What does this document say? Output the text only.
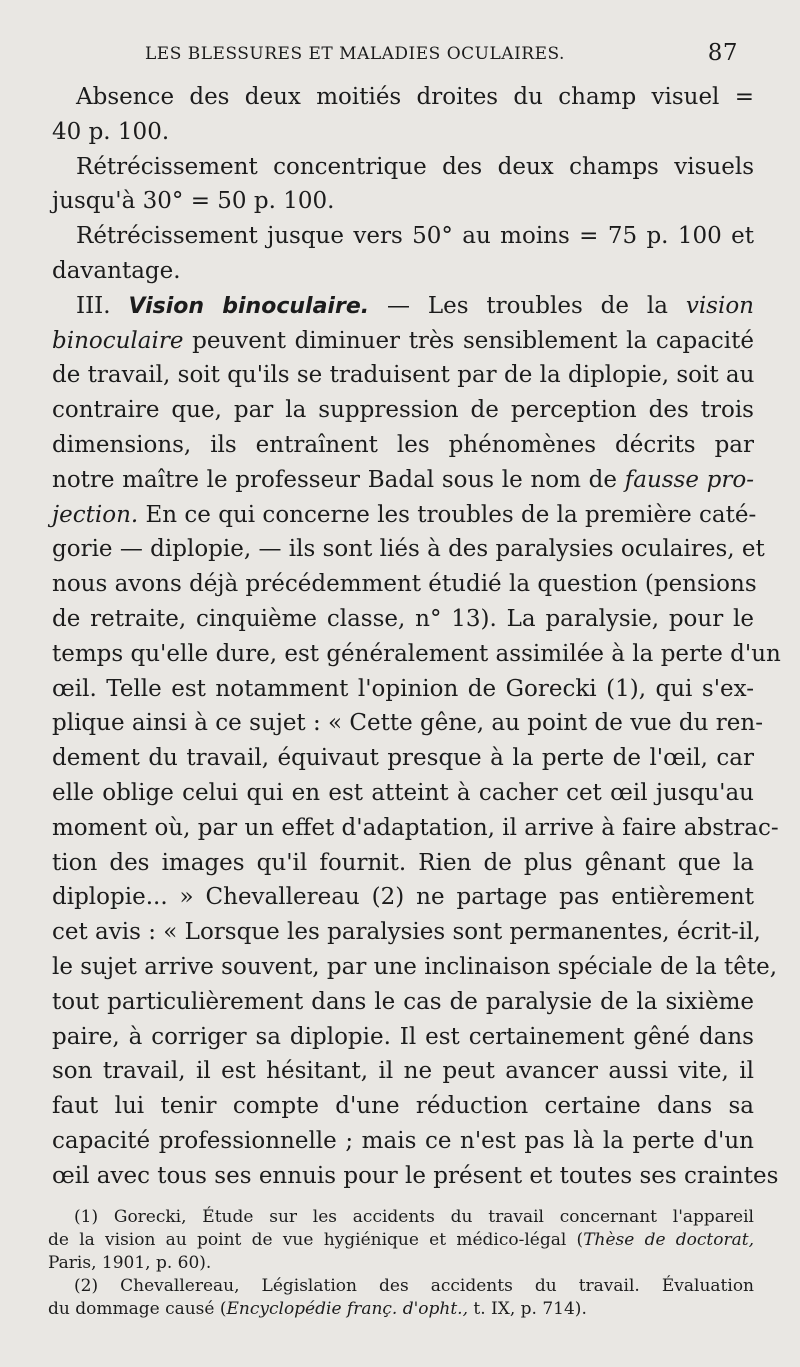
LES BLESSURES ET MALADIES OCULAIRES.	87
Absence des deux moitiés droites du champ visuel =
40 p. 100.
Rétrécissement concentrique des deux champs visuels
jusqu'à 30° = 50 p. 100.
Rétrécissement jusque vers 50° au moins = 75 p. 100 et
davantage.
III. Vision binoculaire. — Les troubles de la vision
binoculaire peuvent diminuer très sensiblement la capacité
de travail, soit qu'ils se traduisent par de la diplopie, soit au
contraire que, par la suppression de perception des trois
dimensions, ils entraînent les phénomènes décrits par
notre maître le professeur Badal sous le nom de fausse pro-
jection. En ce qui concerne les troubles de la première caté-
gorie — diplopie, — ils sont liés à des paralysies oculaires, et
nous avons déjà précédemment étudié la question (pensions
de retraite, cinquième classe, n° 13). La paralysie, pour le
temps qu'elle dure, est généralement assimilée à la perte d'un
œil. Telle est notamment l'opinion de Gorecki (1), qui s'ex-
plique ainsi à ce sujet : « Cette gêne, au point de vue du ren-
dement du travail, équivaut presque à la perte de l'œil, car
elle oblige celui qui en est atteint à cacher cet œil jusqu'au
moment où, par un effet d'adaptation, il arrive à faire abstrac-
tion des images qu'il fournit. Rien de plus gênant que la
diplopie... » Chevallereau (2) ne partage pas entièrement
cet avis : « Lorsque les paralysies sont permanentes, écrit-il,
le sujet arrive souvent, par une inclinaison spéciale de la tête,
tout particulièrement dans le cas de paralysie de la sixième
paire, à corriger sa diplopie. Il est certainement gêné dans
son travail, il est hésitant, il ne peut avancer aussi vite, il
faut lui tenir compte d'une réduction certaine dans sa
capacité professionnelle ; mais ce n'est pas là la perte d'un
œil avec tous ses ennuis pour le présent et toutes ses craintes
(1) Gorecki, Étude sur les accidents du travail concernant l'appareil
de la vision au point de vue hygiénique et médico-légal (Thèse de doctorat,
Paris, 1901, p. 60).
(2) Chevallereau, Législation des accidents du travail. Évaluation
du dommage causé (Encyclopédie franç. d'opht., t. IX, p. 714).
